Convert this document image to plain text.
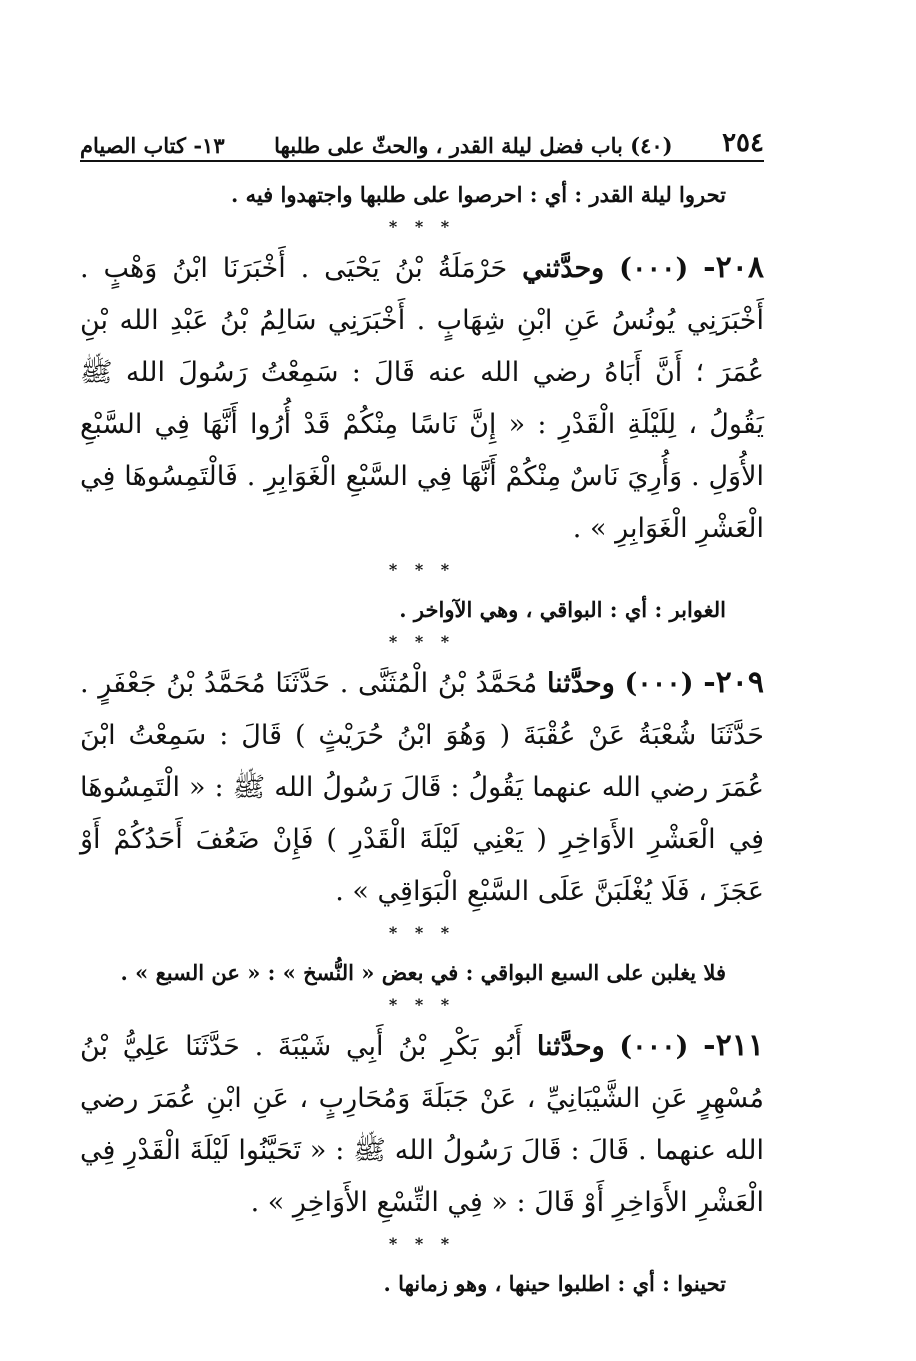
٢٥٤
(٤٠) باب فضل ليلة القدر ، والحثّ على طلبها
١٣- كتاب الصيام

تحروا ليلة القدر : أي : احرصوا على طلبها واجتهدوا فيه .

* * *

٢٠٨- (٠٠٠) وحدَّثني حَرْمَلَةُ بْنُ يَحْيَى . أَخْبَرَنَا ابْنُ وَهْبٍ . أَخْبَرَنِي يُونُسُ عَنِ ابْنِ شِهَابٍ . أَخْبَرَنِي سَالِمُ بْنُ عَبْدِ الله بْنِ عُمَرَ ؛ أَنَّ أَبَاهُ رضي الله عنه قَالَ : سَمِعْتُ رَسُولَ الله ﷺ يَقُولُ ، لِلَيْلَةِ الْقَدْرِ : « إِنَّ نَاسًا مِنْكُمْ قَدْ أُرُوا أَنَّهَا فِي السَّبْعِ الأُوَلِ . وَأُرِيَ نَاسٌ مِنْكُمْ أَنَّهَا فِي السَّبْعِ الْغَوَابِرِ . فَالْتَمِسُوهَا فِي الْعَشْرِ الْغَوَابِرِ » .

* * *

الغوابر : أي : البواقي ، وهي الآواخر .

* * *

٢٠٩- (٠٠٠) وحدَّثنا مُحَمَّدُ بْنُ الْمُثَنَّى . حَدَّثَنَا مُحَمَّدُ بْنُ جَعْفَرٍ . حَدَّثَنَا شُعْبَةُ عَنْ عُقْبَةَ ( وَهُوَ ابْنُ حُرَيْثٍ ) قَالَ : سَمِعْتُ ابْنَ عُمَرَ رضي الله عنهما يَقُولُ : قَالَ رَسُولُ الله ﷺ : « الْتَمِسُوهَا فِي الْعَشْرِ الأَوَاخِرِ ( يَعْنِي لَيْلَةَ الْقَدْرِ ) فَإِنْ ضَعُفَ أَحَدُكُمْ أَوْ عَجَزَ ، فَلَا يُغْلَبَنَّ عَلَى السَّبْعِ الْبَوَاقِي » .

* * *

فلا يغلبن على السبع البواقي : في بعض « النُّسخ » : « عن السبع » .

* * *

٢١١- (٠٠٠) وحدَّثنا أَبُو بَكْرِ بْنُ أَبِي شَيْبَةَ . حَدَّثَنَا عَلِيُّ بْنُ مُسْهِرٍ عَنِ الشَّيْبَانِيِّ ، عَنْ جَبَلَةَ وَمُحَارِبٍ ، عَنِ ابْنِ عُمَرَ رضي الله عنهما . قَالَ : قَالَ رَسُولُ الله ﷺ : « تَحَيَّنُوا لَيْلَةَ الْقَدْرِ فِي الْعَشْرِ الأَوَاخِرِ أَوْ قَالَ : « فِي التِّسْعِ الأَوَاخِرِ » .

* * *

تحينوا : أي : اطلبوا حينها ، وهو زمانها .
